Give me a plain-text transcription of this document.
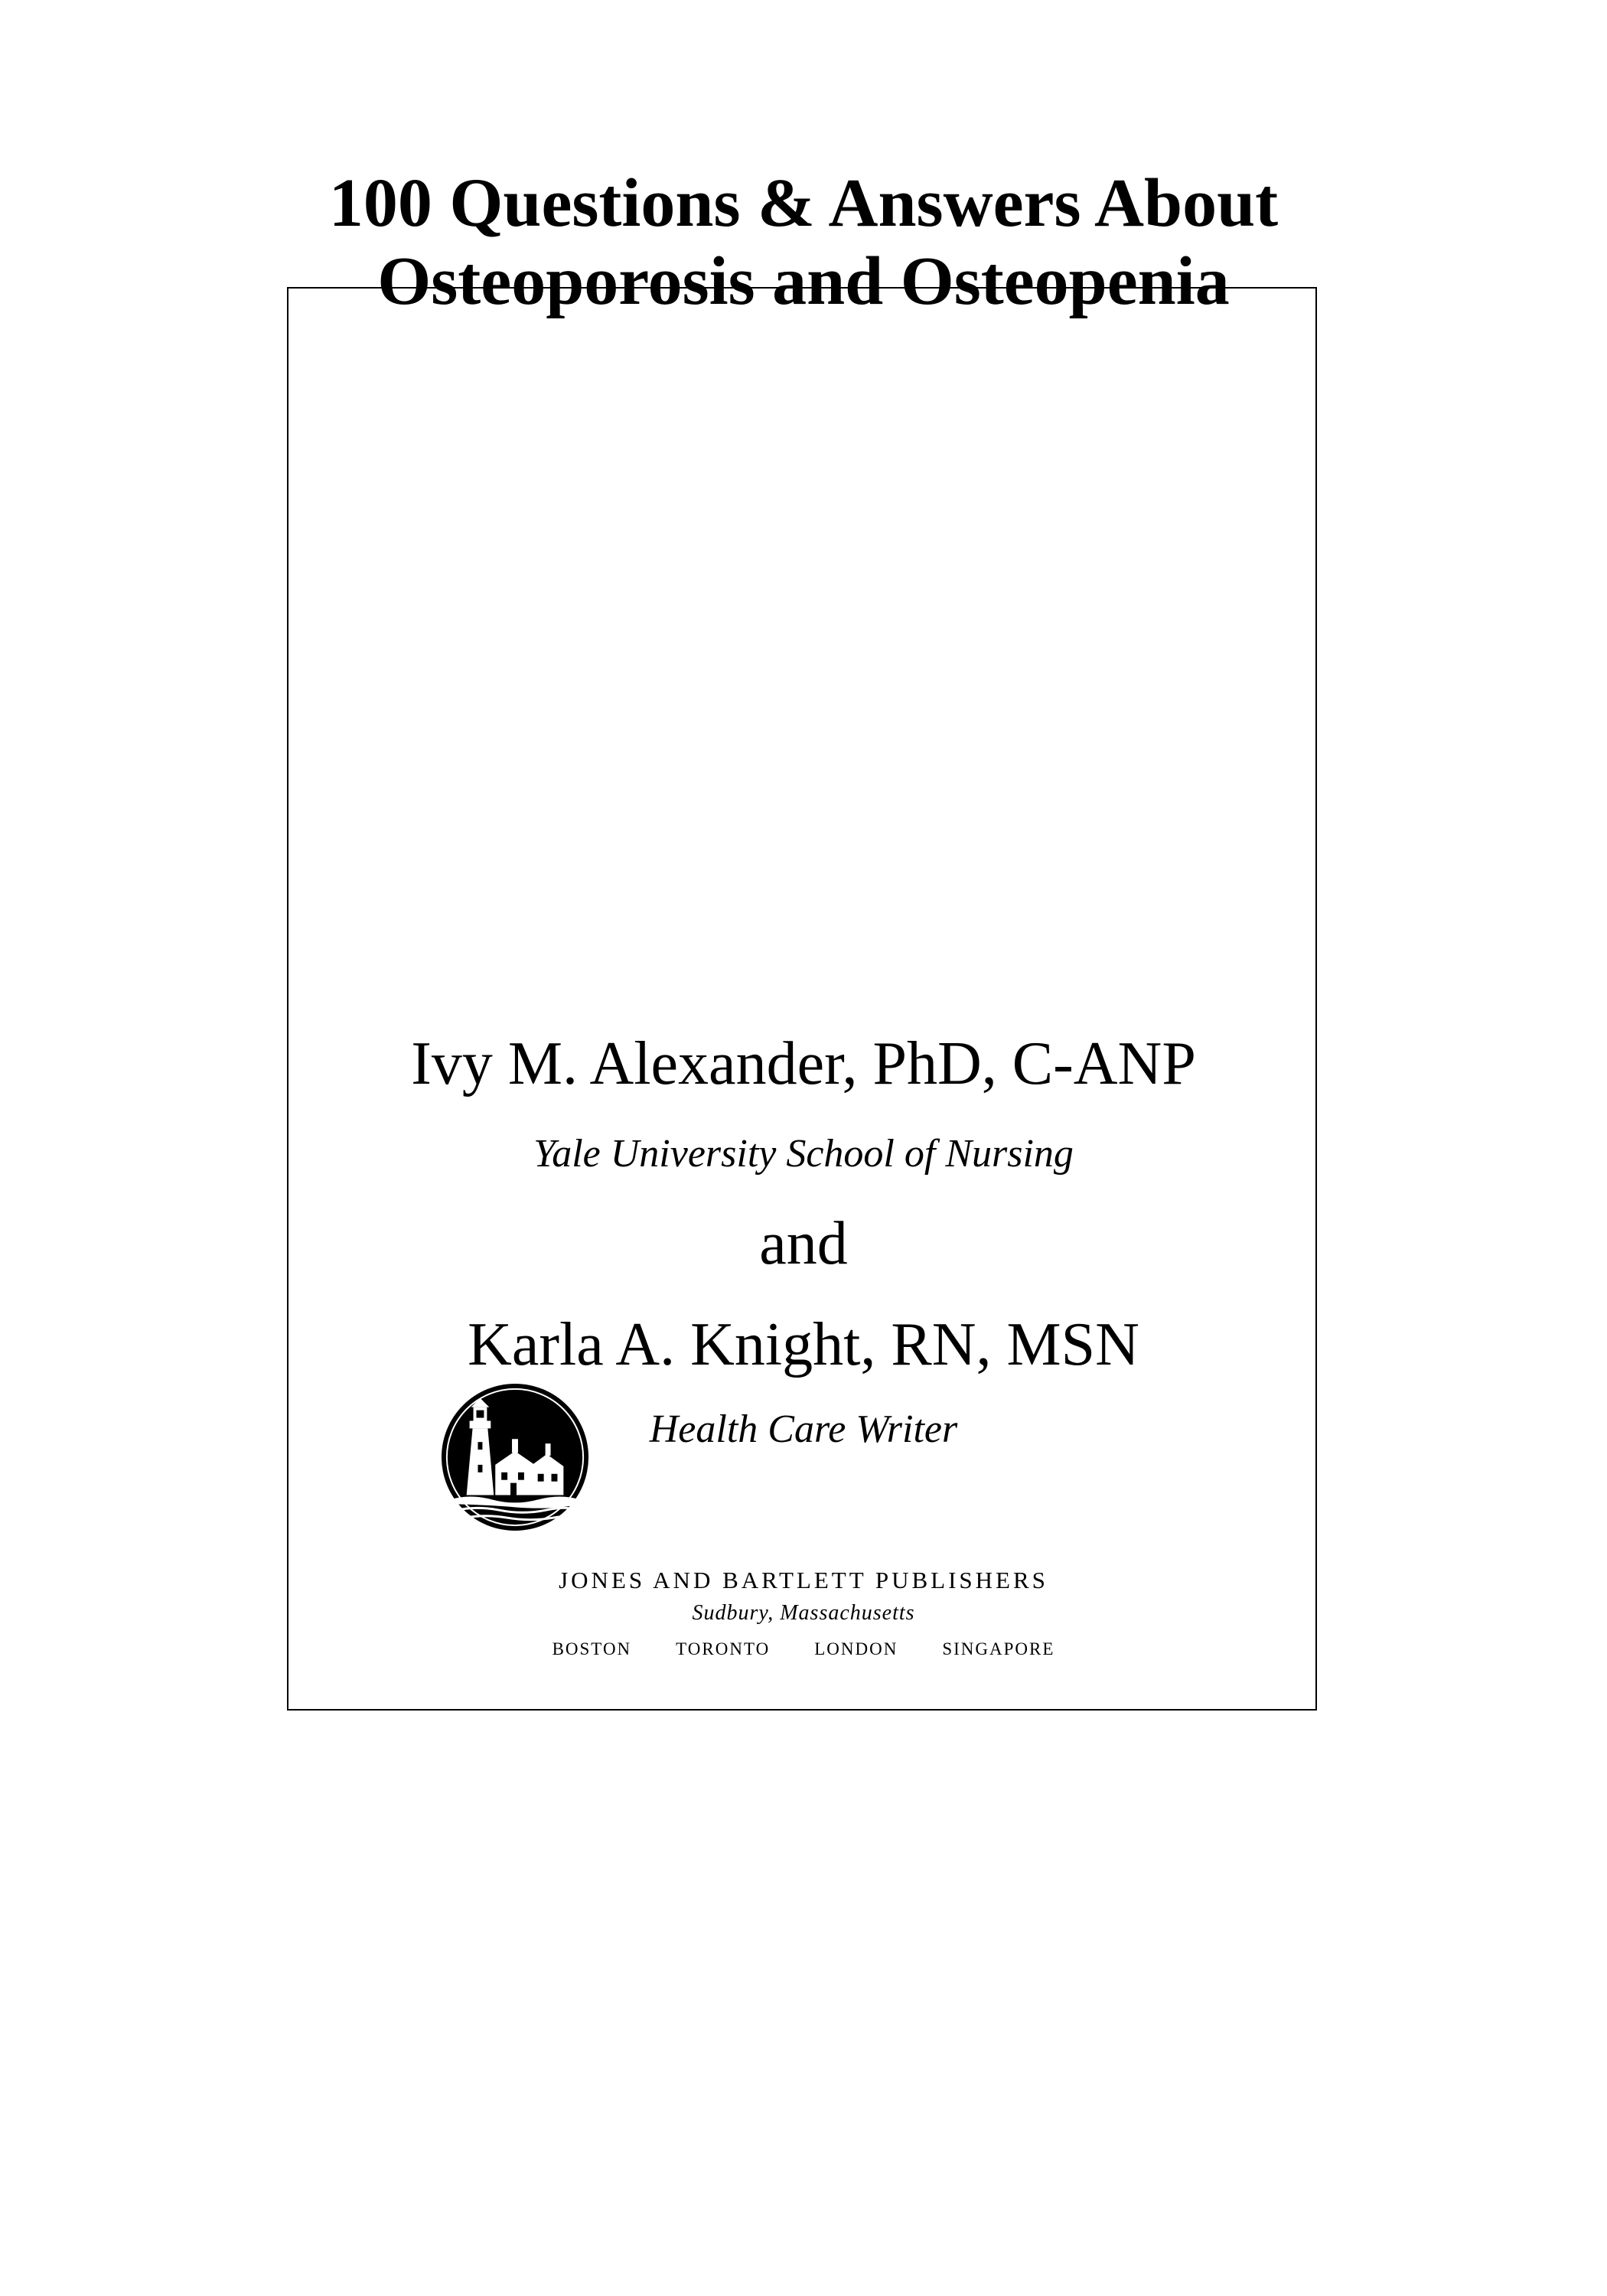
100 Questions & Answers About
Osteoporosis and Osteopenia
Ivy M. Alexander, PhD, C-ANP
Yale University School of Nursing
and
Karla A. Knight, RN, MSN
Health Care Writer
JONES AND BARTLETT PUBLISHERS
Sudbury, Massachusetts
BOSTON	TORONTO	LONDON	SINGAPORE
